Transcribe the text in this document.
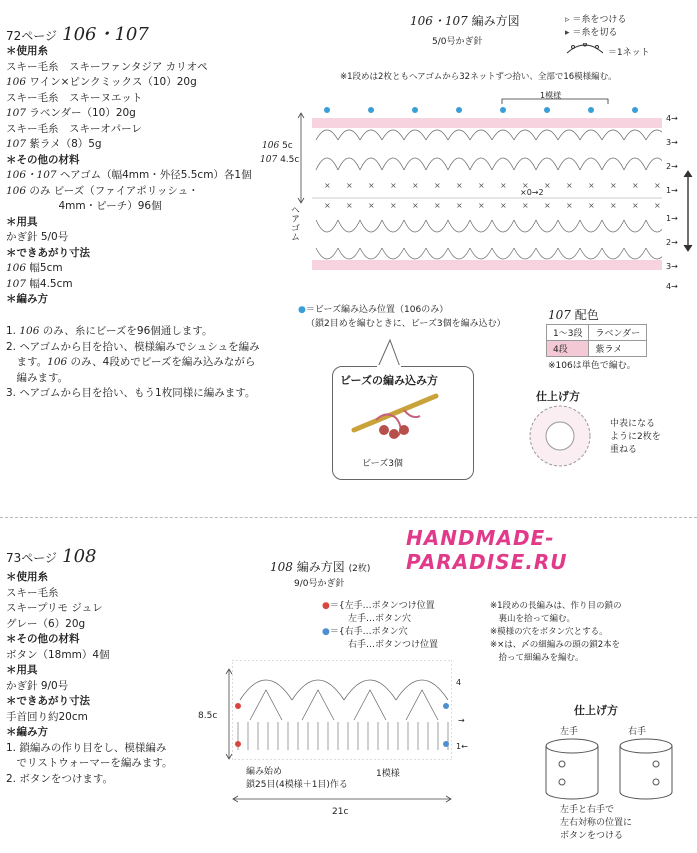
72ページ 106・107
＊使用糸
スキー毛糸　スキーファンタジア カリオペ
106 ワイン×ピンクミックス（10）20g
スキー毛糸　スキーヌエット
107 ラベンダー（10）20g
スキー毛糸　スキーオパーレ
107 紫ラメ（8）5g
＊その他の材料
106・107 ヘアゴム（幅4mm・外径5.5cm）各1個
106 のみ ビーズ（ファイアポリッシュ・
　　　　　4mm・ピーチ）96個
＊用具
かぎ針 5/0号
＊できあがり寸法
106 幅5cm
107 幅4.5cm
＊編み方
1. 106 のみ、糸にビーズを96個通します。
2. ヘアゴムから目を拾い、模様編みでシュシュを編み
　ます。106 のみ、4段めでビーズを編み込みながら
　編みます。
3. ヘアゴムから目を拾い、もう1枚同様に編みます。
106・107 編み方図
5/0号かぎ針
▹ ＝糸をつける
▸ ＝糸を切る
＝1ネット
※1段めは2枚ともヘアゴムから32ネットずつ拾い、全部で16模様編む。
1模様
106 5c
107 4.5c
ヘアゴム
×
×
×
×
×
×
×
×
×
×
×
×
×
×
×
×
×
×
×
×
×
×
×
×
×
×
×
×
×
×
×
×
4→
3→
2→
1→
1→
2→
3→
4→
×0→2
●＝ビーズ編み込み位置（106のみ）
（鎖2目めを編むときに、ビーズ3個を編み込む）
107 配色
1〜3段	ラベンダー
4段	紫ラメ
※106は単色で編む。
ビーズの編み込み方
ビーズ3個
仕上げ方
中表になる
ように2枚を
重ねる
HANDMADE-PARADISE.RU
73ページ 108
＊使用糸
スキー毛糸
スキープリモ ジュレ
グレー（6）20g
＊その他の材料
ボタン（18mm）4個
＊用具
かぎ針 9/0号
＊できあがり寸法
手首回り約20cm
＊編み方
1. 鎖編みの作り目をし、模様編み
　でリストウォーマーを編みます。
2. ボタンをつけます。
108 編み方図 (2枚)
9/0号かぎ針
●＝{左手…ボタンつけ位置
左手…ボタン穴
●＝{右手…ボタン穴
右手…ボタンつけ位置
※1段めの長編みは、作り目の鎖の
　裏山を拾って編む。
※模様の穴をボタン穴とする。
※×は、〆の細編みの頭の鎖2本を
　拾って細編みを編む。
8.5c
4
→
1←
編み始め
鎖25目(4模様＋1目)作る
1模様
21c
仕上げ方
左手	右手
左手と右手で
左右対称の位置に
ボタンをつける
